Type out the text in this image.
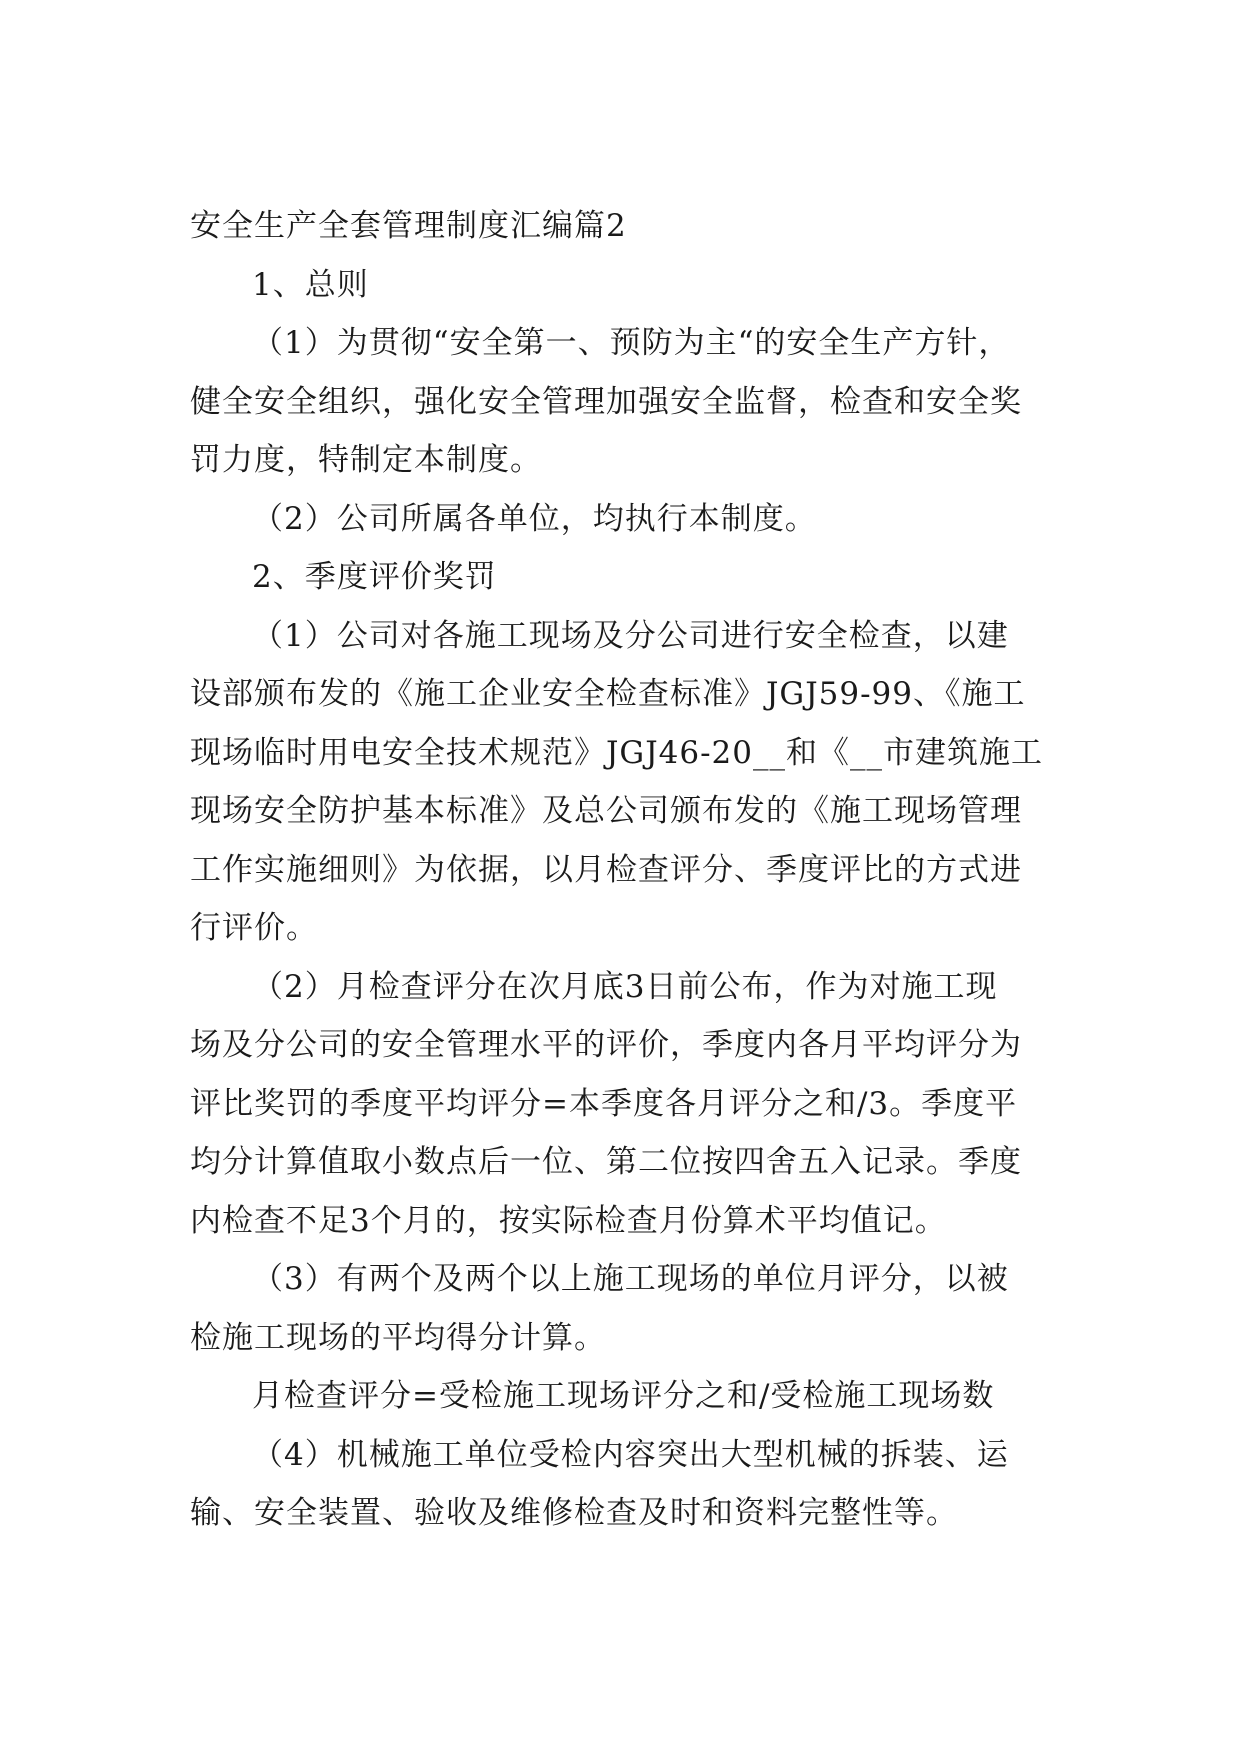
安全生产全套管理制度汇编篇2

1、总则

（1）为贯彻“安全第一、预防为主“的安全生产方针，
健全安全组织，强化安全管理加强安全监督，检查和安全奖
罚力度，特制定本制度。

（2）公司所属各单位，均执行本制度。

2、季度评价奖罚

（1）公司对各施工现场及分公司进行安全检查，以建
设部颁布发的《施工企业安全检查标准》JGJ59-99、《施工
现场临时用电安全技术规范》JGJ46-20__和《__市建筑施工
现场安全防护基本标准》及总公司颁布发的《施工现场管理
工作实施细则》为依据，以月检查评分、季度评比的方式进
行评价。

（2）月检查评分在次月底3日前公布，作为对施工现
场及分公司的安全管理水平的评价，季度内各月平均评分为
评比奖罚的季度平均评分=本季度各月评分之和/3。季度平
均分计算值取小数点后一位、第二位按四舍五入记录。季度
内检查不足3个月的，按实际检查月份算术平均值记。

（3）有两个及两个以上施工现场的单位月评分，以被
检施工现场的平均得分计算。

月检查评分=受检施工现场评分之和/受检施工现场数

（4）机械施工单位受检内容突出大型机械的拆装、运
输、安全装置、验收及维修检查及时和资料完整性等。
